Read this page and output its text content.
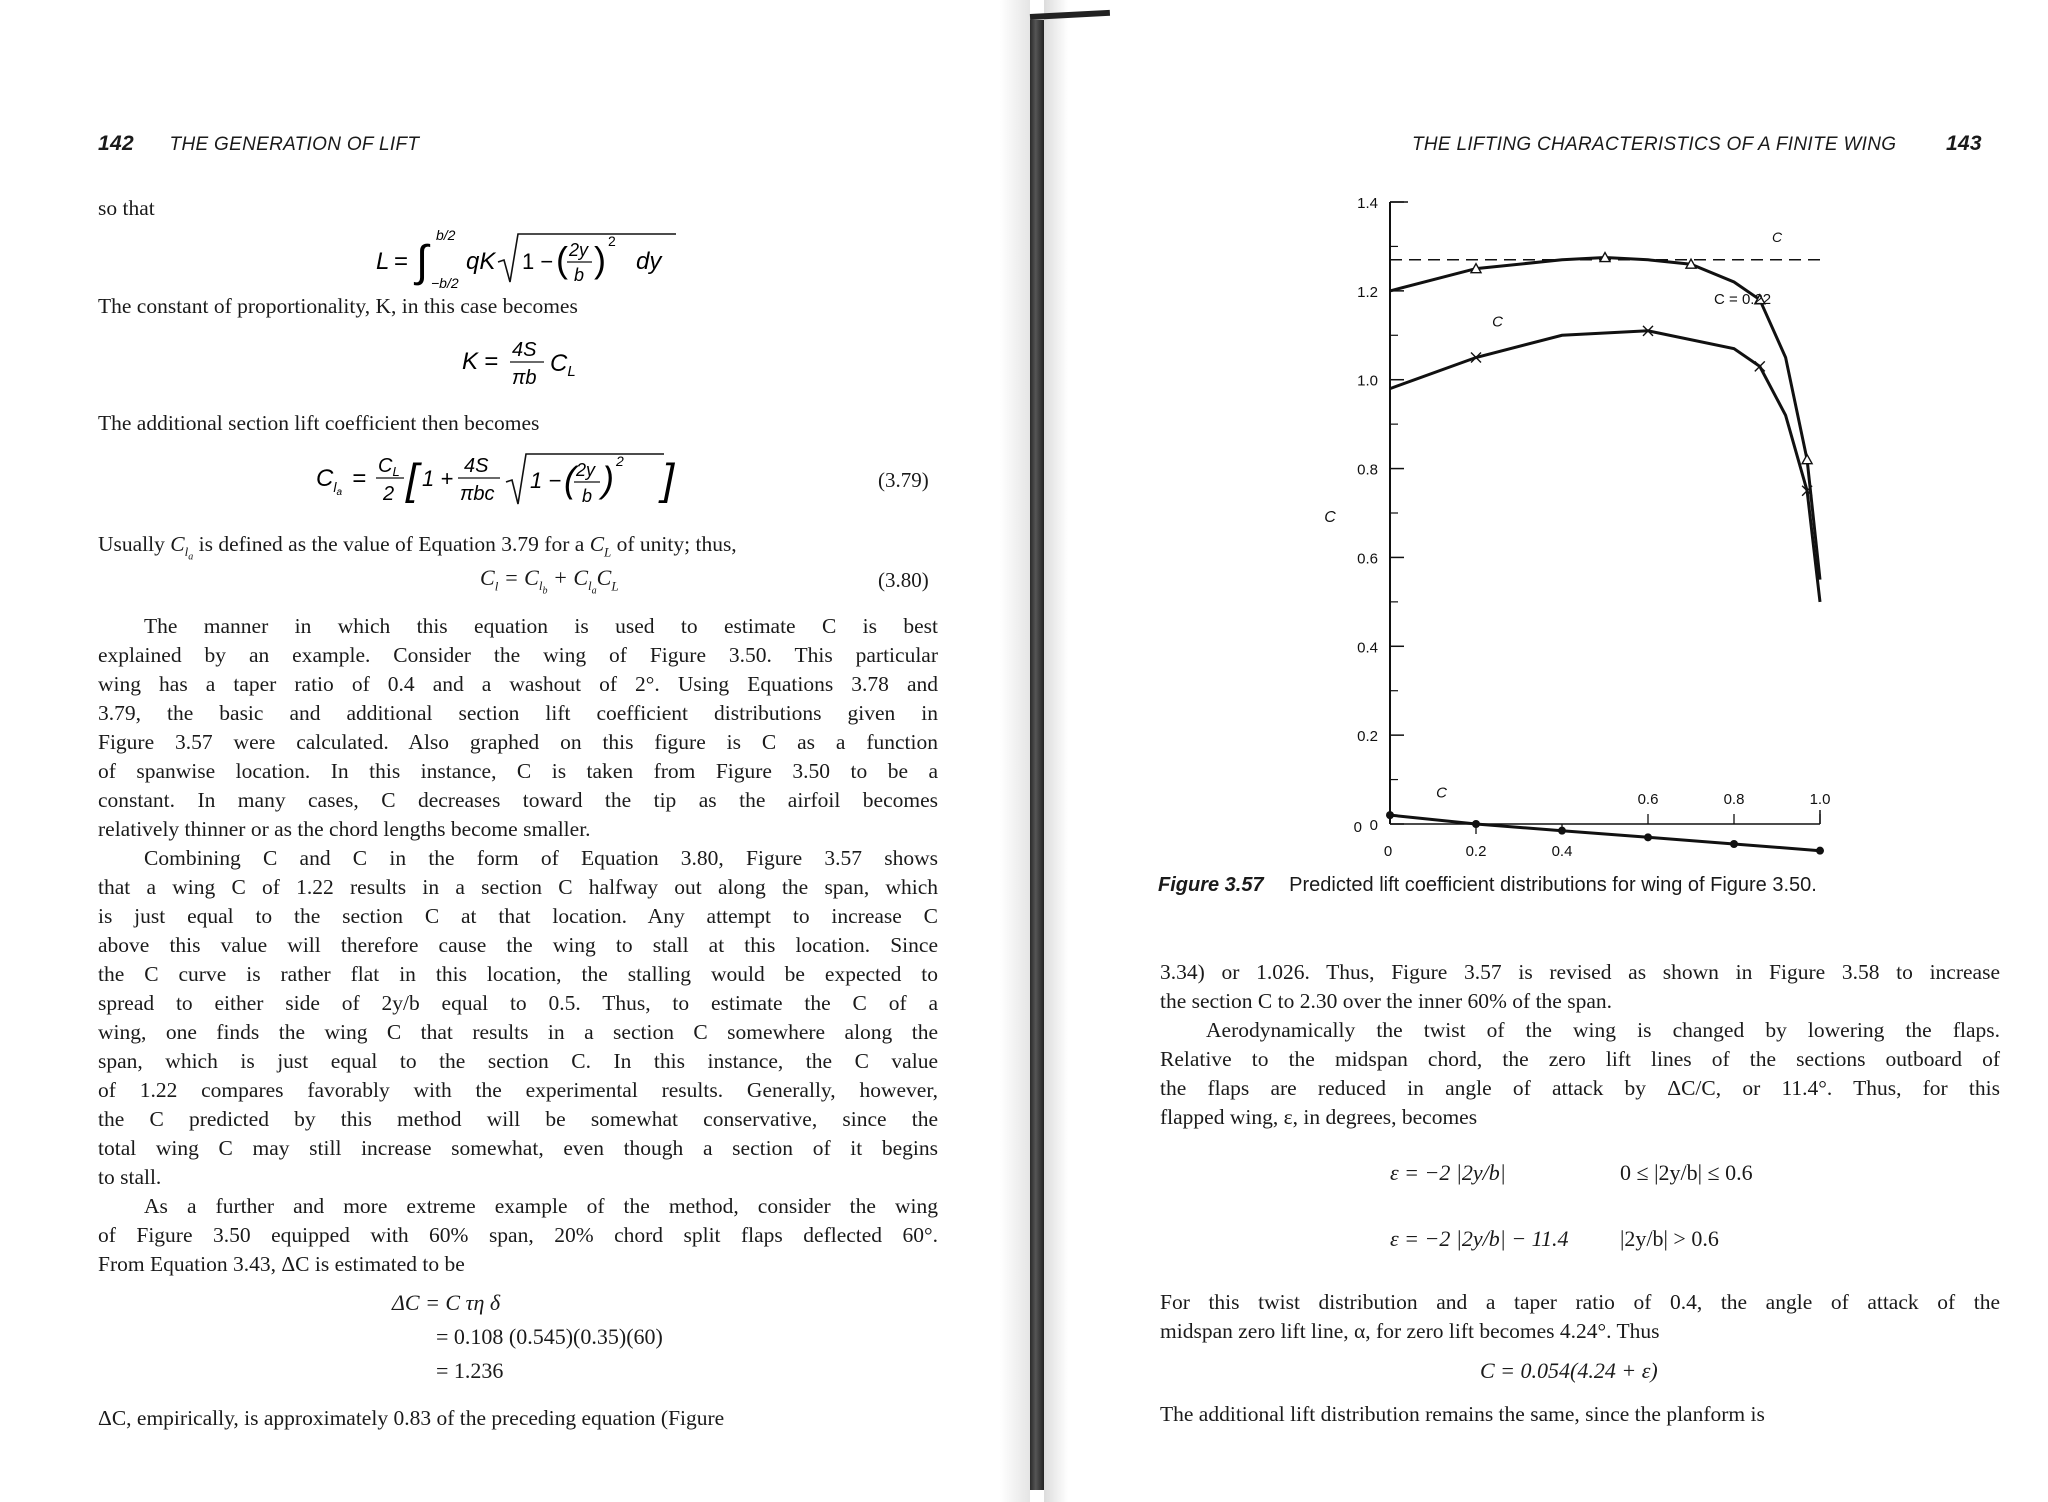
142 THE GENERATION OF LIFT
so that
L = ∫
b/2
−b/2
qK 1 − ( 2y
b ) 2
dy
The constant of proportionality, K, in this case becomes
K = 4S
πb
$C_L$
The additional section lift coefficient then becomes
$C_{l_a}$
= $C_L$
2 [ 1 + 4S
πbc
1 − ( 2y
b ) 2 ]	(3.79)
Usually $C_{l_a}$ is defined as the value of Equation 3.79 for a $C_L$ of unity; thus,
$C_l = C_{l_b} + C_{l_a}C_L$	(3.80)
The manner in which this equation is used to estimate C is best
explained by an example. Consider the wing of Figure 3.50. This particular
wing has a taper ratio of 0.4 and a washout of 2°. Using Equations 3.78 and
3.79, the basic and additional section lift coefficient distributions given in
Figure 3.57 were calculated. Also graphed on this figure is C as a function
of spanwise location. In this instance, C is taken from Figure 3.50 to be a
constant. In many cases, C decreases toward the tip as the airfoil becomes
relatively thinner or as the chord lengths become smaller.
Combining C and C in the form of Equation 3.80, Figure 3.57 shows
that a wing C of 1.22 results in a section C halfway out along the span, which
is just equal to the section C at that location. Any attempt to increase C
above this value will therefore cause the wing to stall at this location. Since
the C curve is rather flat in this location, the stalling would be expected to
spread to either side of 2y/b equal to 0.5. Thus, to estimate the C of a
wing, one finds the wing C that results in a section C somewhere along the
span, which is just equal to the section C. In this instance, the C value
of 1.22 compares favorably with the experimental results. Generally, however,
the C predicted by this method will be somewhat conservative, since the
total wing C may still increase somewhat, even though a section of it begins
to stall.
As a further and more extreme example of the method, consider the wing
of Figure 3.50 equipped with 60% span, 20% chord split flaps deflected 60°.
From Equation 3.43, ΔC is estimated to be
ΔC = C τη δ
= 0.108 (0.545)(0.35)(60)
= 1.236
ΔC, empirically, is approximately 0.83 of the preceding equation (Figure
THE LIFTING CHARACTERISTICS OF A FINITE WING 143
0
0.2
0.4
0.6
0.8
1.0
1.2
1.4
0	0.2	0.4
0.6	0.8	1.0
0
C
C
C = 0.22
C
C
Figure 3.57 Predicted lift coefficient distributions for wing of Figure 3.50.
3.34) or 1.026. Thus, Figure 3.57 is revised as shown in Figure 3.58 to increase
the section C to 2.30 over the inner 60% of the span.
Aerodynamically the twist of the wing is changed by lowering the flaps.
Relative to the midspan chord, the zero lift lines of the sections outboard of
the flaps are reduced in angle of attack by ΔC/C, or 11.4°. Thus, for this
flapped wing, ε, in degrees, becomes
ε = −2 |2y/b|	0 ≤ |2y/b| ≤ 0.6
ε = −2 |2y/b| − 11.4 |2y/b| > 0.6
For this twist distribution and a taper ratio of 0.4, the angle of attack of the
midspan zero lift line, α, for zero lift becomes 4.24°. Thus
C = 0.054(4.24 + ε)
The additional lift distribution remains the same, since the planform is
